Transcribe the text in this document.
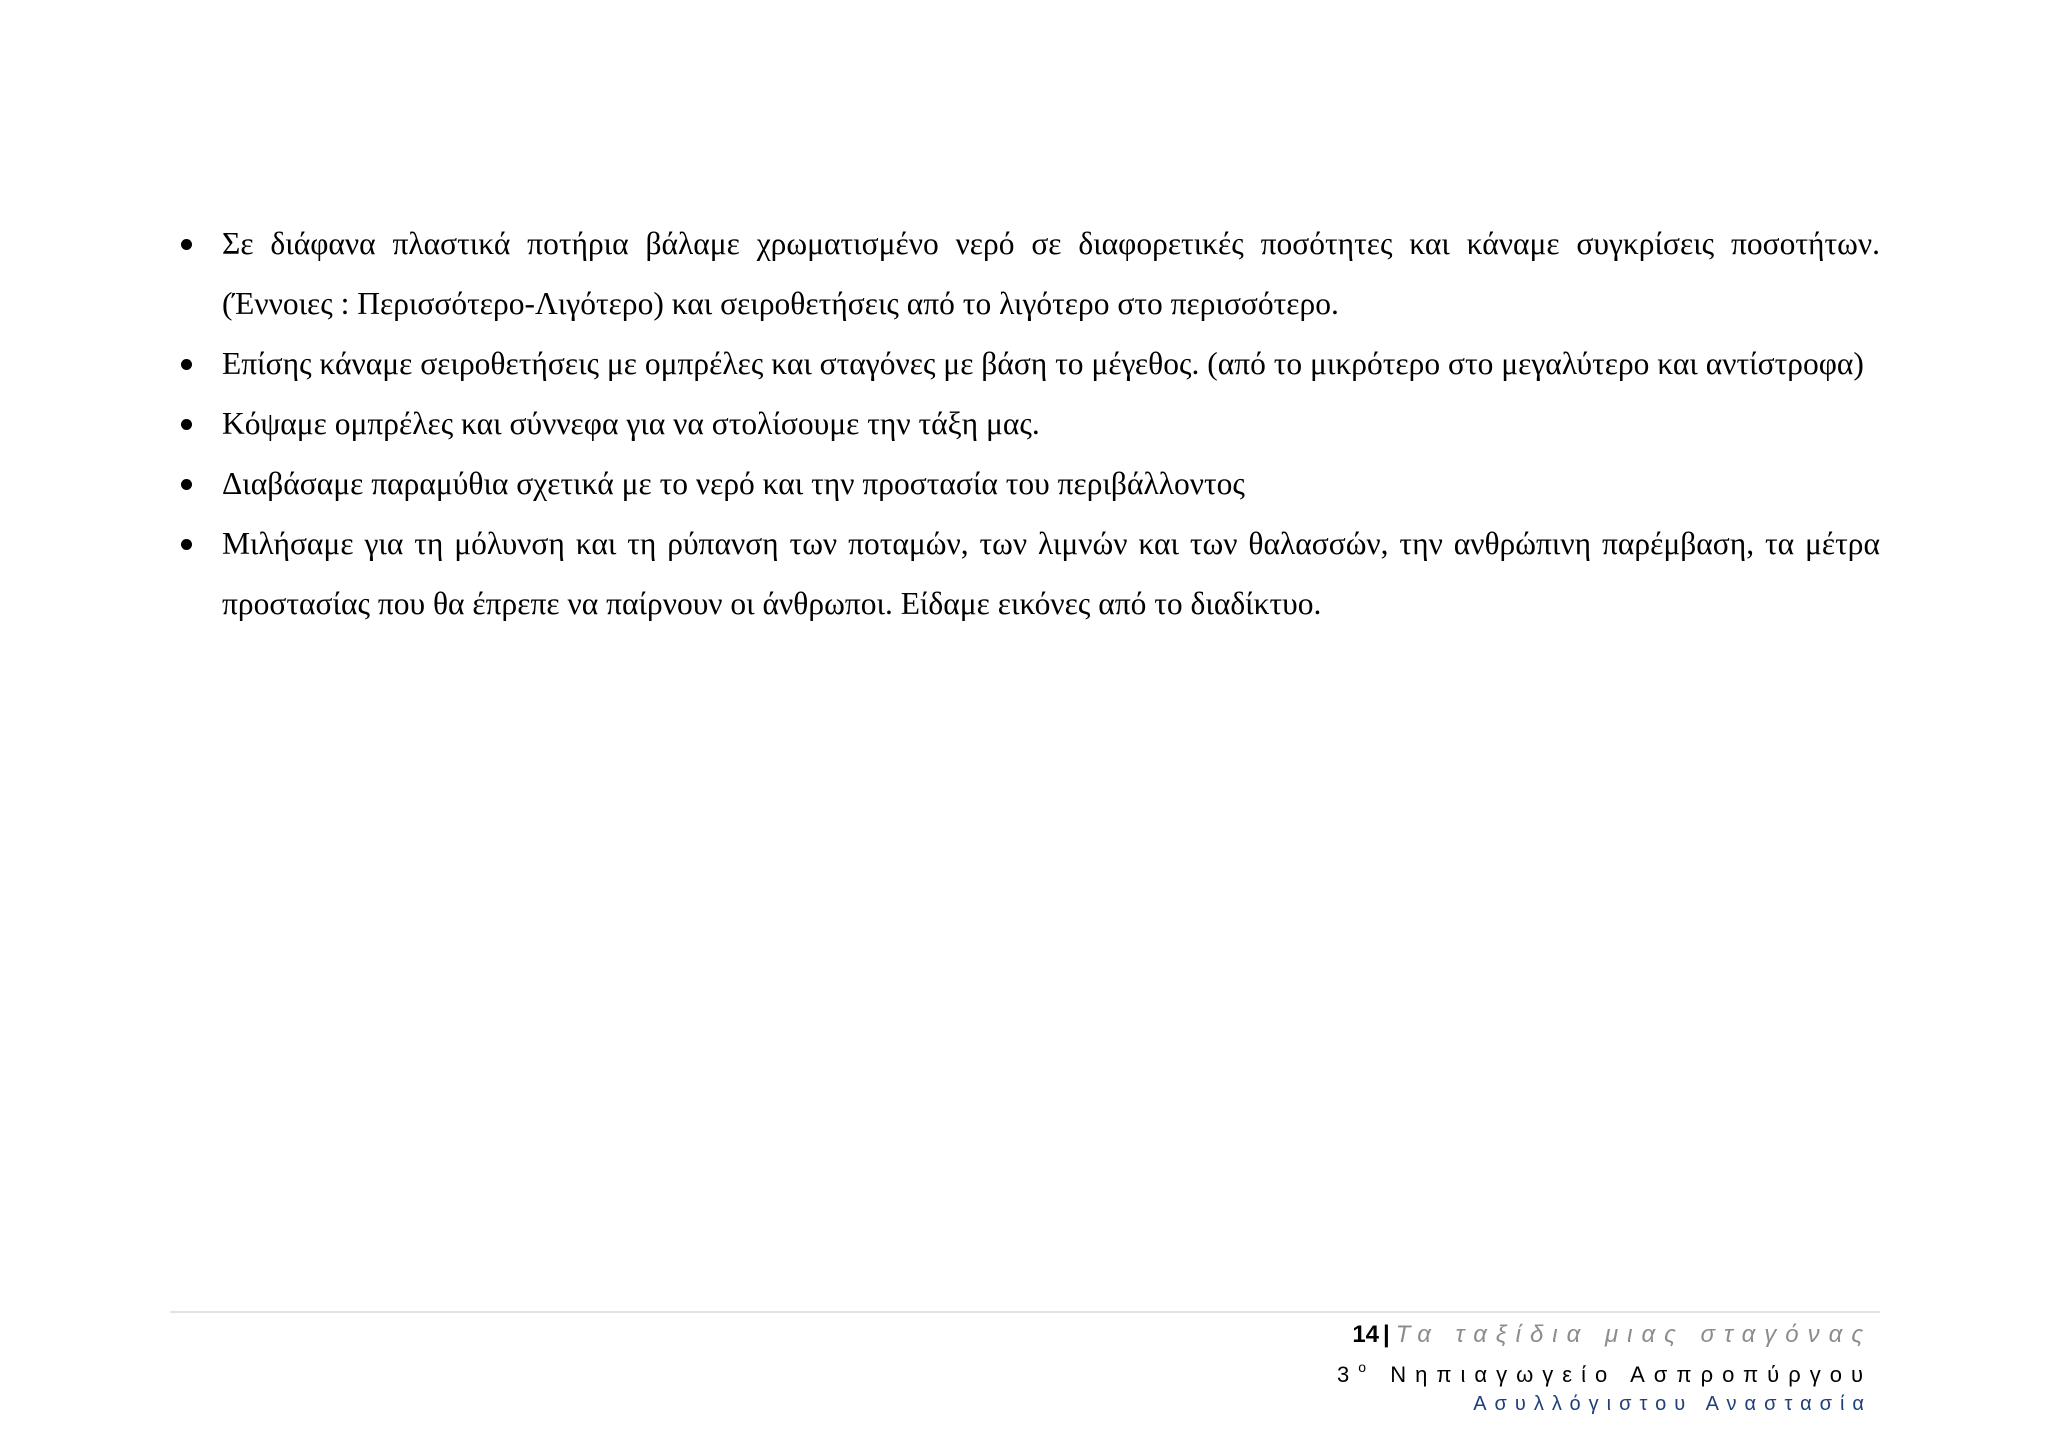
Σε διάφανα πλαστικά ποτήρια βάλαμε χρωματισμένο νερό σε διαφορετικές ποσότητες και κάναμε συγκρίσεις ποσοτήτων. (Έννοιες : Περισσότερο-Λιγότερο) και σειροθετήσεις από το λιγότερο στο περισσότερο.
Επίσης κάναμε σειροθετήσεις με ομπρέλες και σταγόνες με βάση το μέγεθος. (από το μικρότερο στο μεγαλύτερο και αντίστροφα)
Κόψαμε ομπρέλες και σύννεφα για να στολίσουμε την τάξη μας.
Διαβάσαμε παραμύθια σχετικά με το νερό και την προστασία του περιβάλλοντος
Μιλήσαμε για τη μόλυνση και τη ρύπανση των ποταμών, των λιμνών και των θαλασσών, την ανθρώπινη παρέμβαση, τα μέτρα προστασίας που θα έπρεπε να παίρνουν οι άνθρωποι. Είδαμε εικόνες από το διαδίκτυο.
14 | Τα ταξίδια μιας σταγόνας
$3^o$ Νηπιαγωγείο Ασπροπύργου
Ασυλλόγιστου Αναστασία
